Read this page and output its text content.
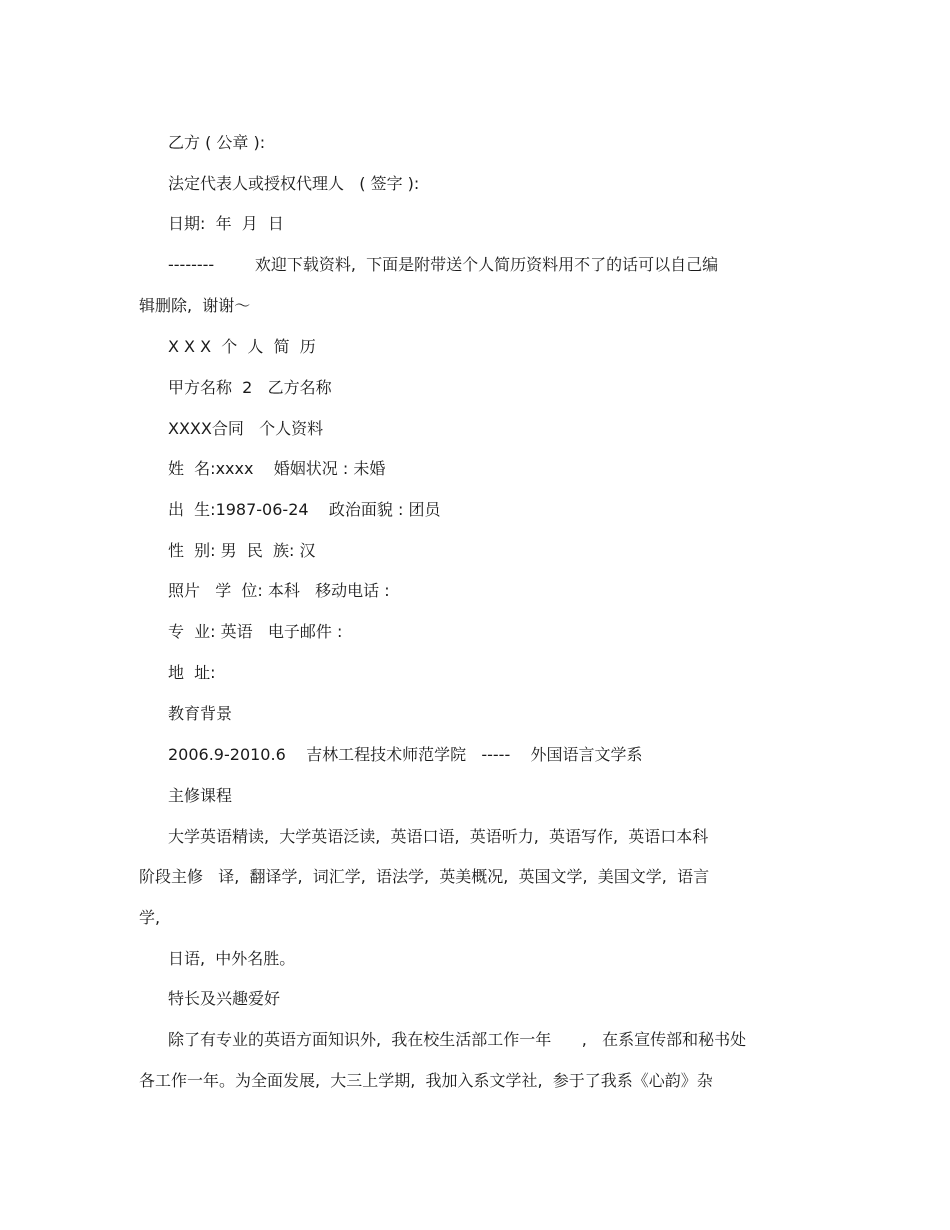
乙方 ( 公章 ):
法定代表人或授权代理人   ( 签字 ):
日期:  年  月  日
--------        欢迎下载资料,  下面是附带送个人简历资料用不了的话可以自己编
辑删除,  谢谢～
X X X  个  人  简  历
甲方名称  2   乙方名称
XXXX合同   个人资料
姓  名:xxxx    婚姻状况 : 未婚
出  生:1987-06-24    政治面貌 : 团员
性  别: 男  民  族: 汉
照片   学  位: 本科   移动电话 :
专  业: 英语   电子邮件 :
地  址:
教育背景
2006.9-2010.6    吉林工程技术师范学院   -----    外国语言文学系
主修课程
大学英语精读,  大学英语泛读,  英语口语,  英语听力,  英语写作,  英语口本科
阶段主修   译,  翻译学,  词汇学,  语法学,  英美概况,  英国文学,  美国文学,  语言
学,
日语,  中外名胜。
特长及兴趣爱好
除了有专业的英语方面知识外,  我在校生活部工作一年      ,   在系宣传部和秘书处
各工作一年。为全面发展,  大三上学期,  我加入系文学社,  参于了我系《心韵》杂
